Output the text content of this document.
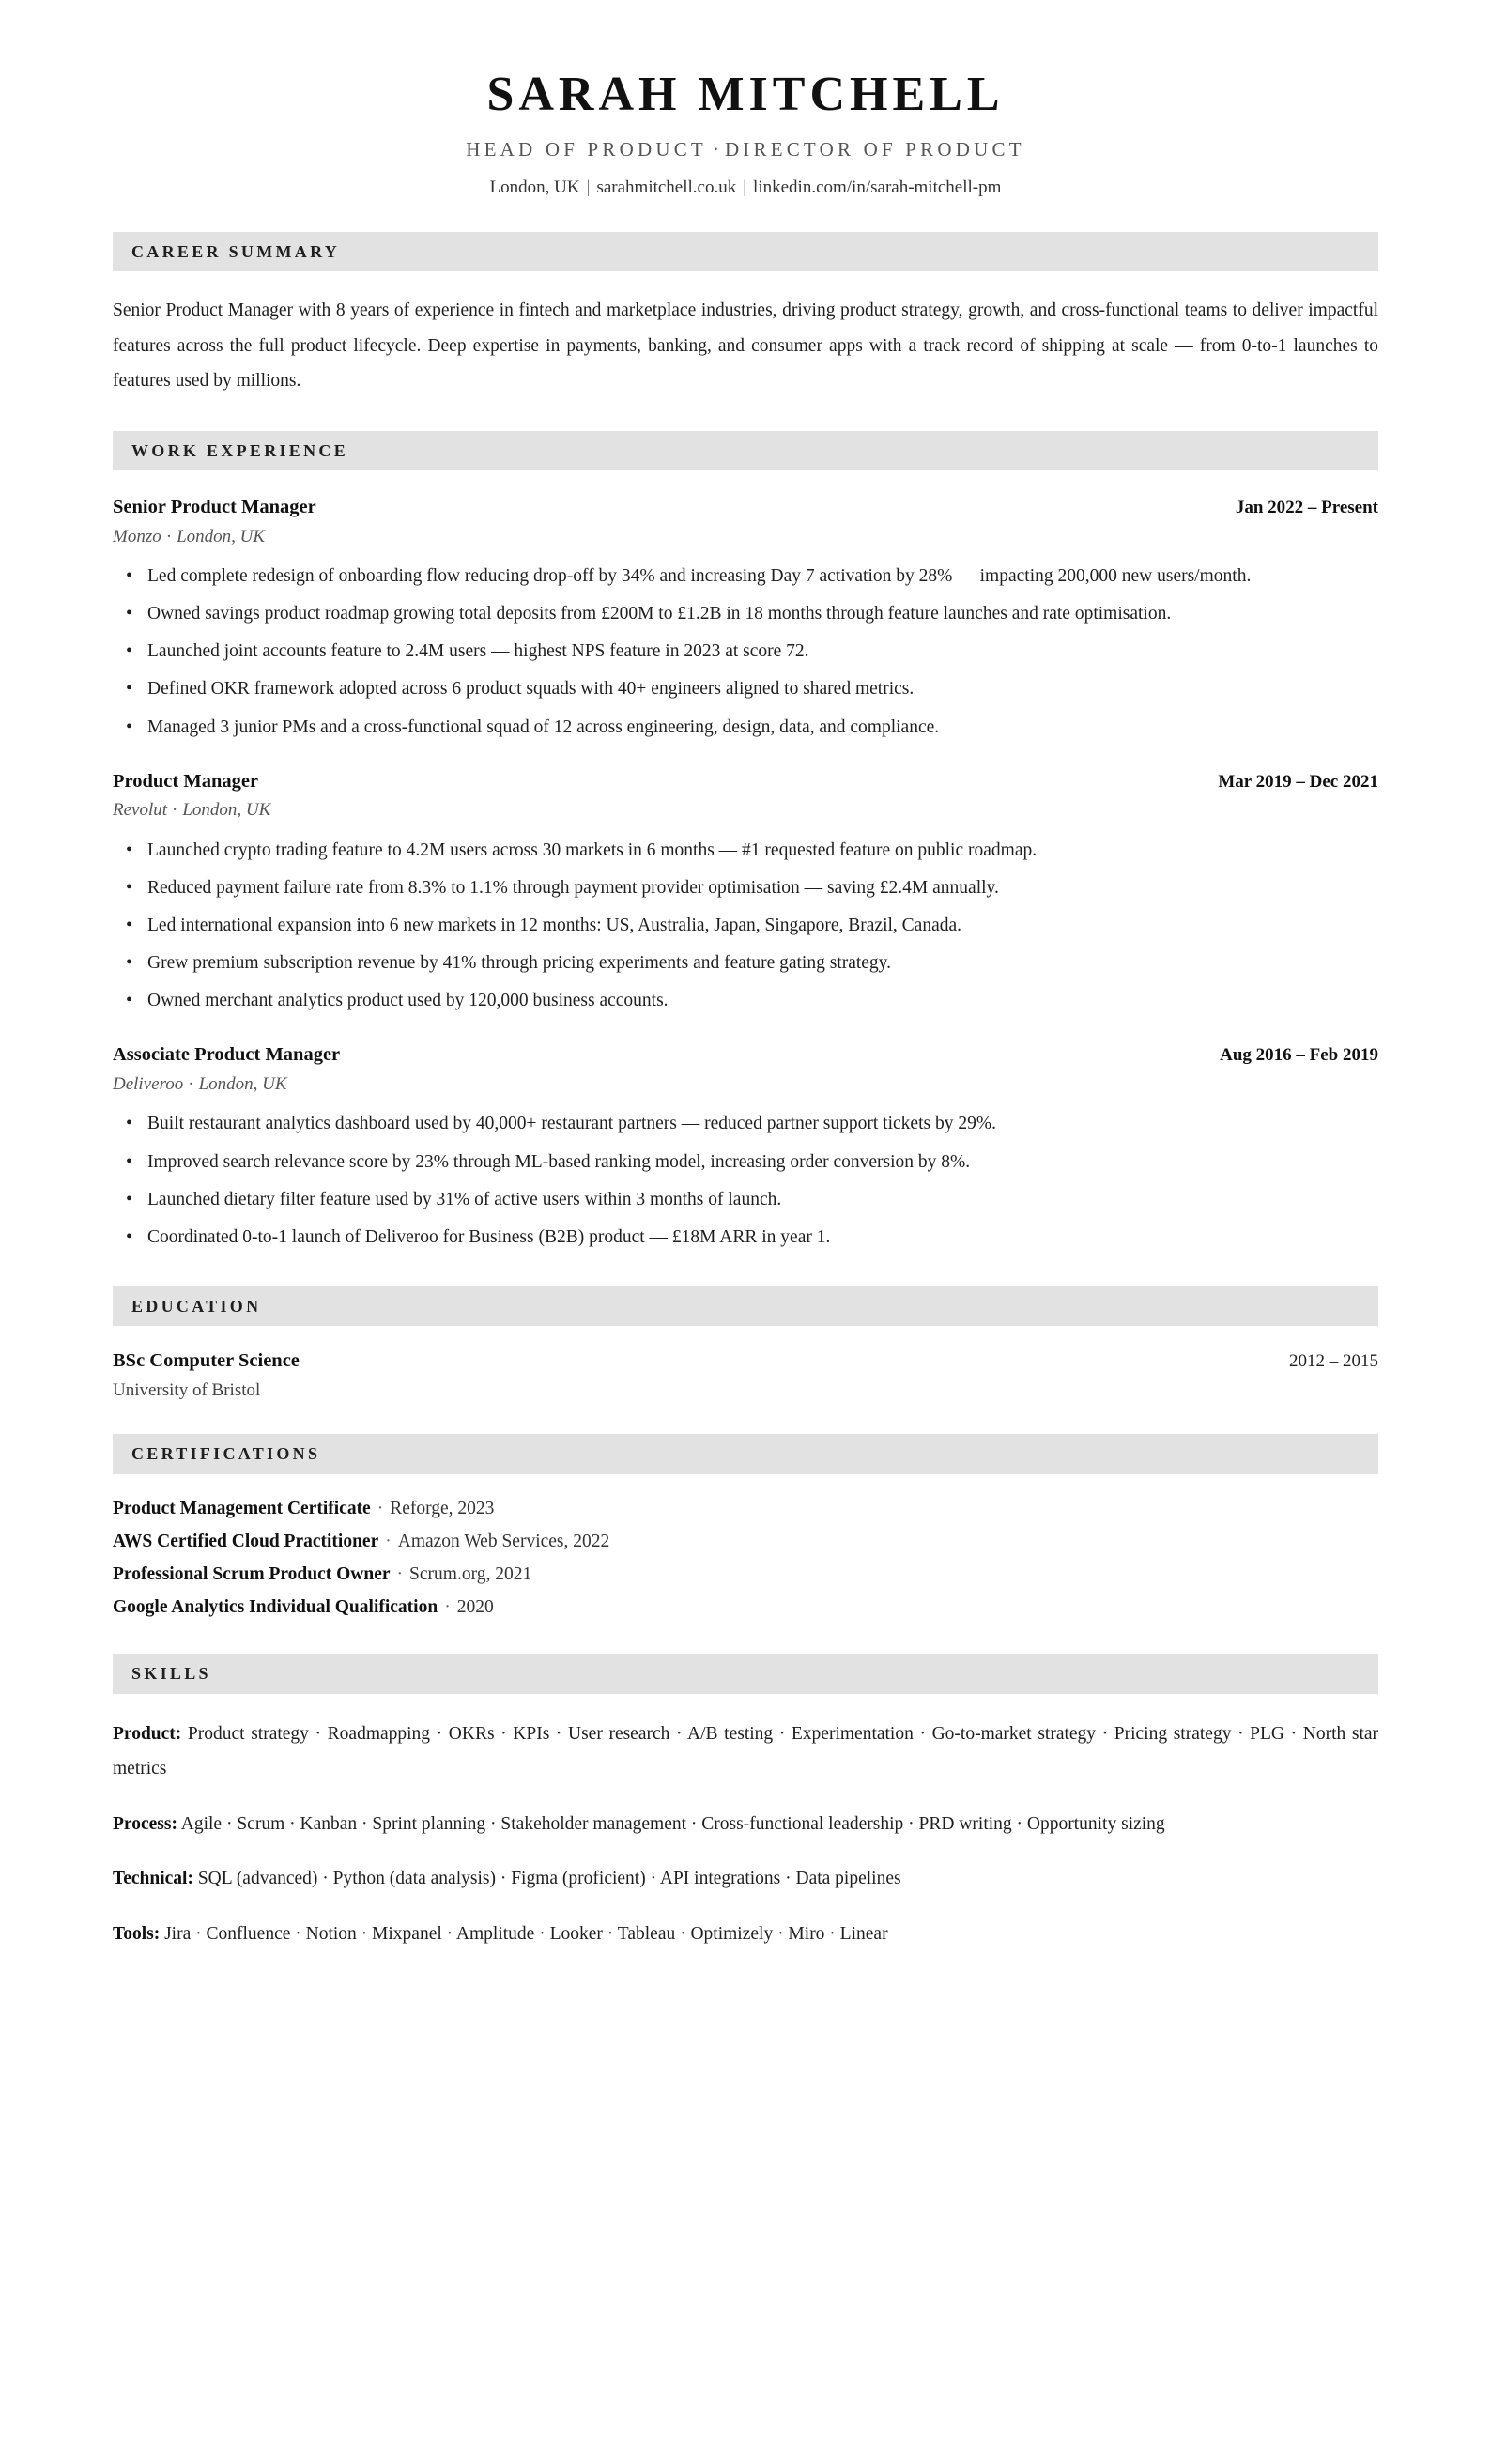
SARAH MITCHELL
HEAD OF PRODUCT · DIRECTOR OF PRODUCT
London, UK | sarahmitchell.co.uk | linkedin.com/in/sarah-mitchell-pm
CAREER SUMMARY

Senior Product Manager with 8 years of experience in fintech and marketplace industries, driving product strategy, growth, and cross-functional teams to deliver impactful features across the full product lifecycle. Deep expertise in payments, banking, and consumer apps with a track record of shipping at scale — from 0-to-1 launches to features used by millions.

WORK EXPERIENCE
Senior Product Manager	Jan 2022 – Present
Monzo · London, UK
• Led complete redesign of onboarding flow reducing drop-off by 34% and increasing Day 7 activation by 28% — impacting 200,000 new users/month.
• Owned savings product roadmap growing total deposits from £200M to £1.2B in 18 months through feature launches and rate optimisation.
• Launched joint accounts feature to 2.4M users — highest NPS feature in 2023 at score 72.
• Defined OKR framework adopted across 6 product squads with 40+ engineers aligned to shared metrics.
• Managed 3 junior PMs and a cross-functional squad of 12 across engineering, design, data, and compliance.
Product Manager	Mar 2019 – Dec 2021
Revolut · London, UK
• Launched crypto trading feature to 4.2M users across 30 markets in 6 months — #1 requested feature on public roadmap.
• Reduced payment failure rate from 8.3% to 1.1% through payment provider optimisation — saving £2.4M annually.
• Led international expansion into 6 new markets in 12 months: US, Australia, Japan, Singapore, Brazil, Canada.
• Grew premium subscription revenue by 41% through pricing experiments and feature gating strategy.
• Owned merchant analytics product used by 120,000 business accounts.
Associate Product Manager	Aug 2016 – Feb 2019
Deliveroo · London, UK
• Built restaurant analytics dashboard used by 40,000+ restaurant partners — reduced partner support tickets by 29%.
• Improved search relevance score by 23% through ML-based ranking model, increasing order conversion by 8%.
• Launched dietary filter feature used by 31% of active users within 3 months of launch.
• Coordinated 0-to-1 launch of Deliveroo for Business (B2B) product — £18M ARR in year 1.
EDUCATION
BSc Computer Science	2012 – 2015
University of Bristol
CERTIFICATIONS
Product Management Certificate · Reforge, 2023
AWS Certified Cloud Practitioner · Amazon Web Services, 2022
Professional Scrum Product Owner · Scrum.org, 2021
Google Analytics Individual Qualification · 2020
SKILLS

Product: Product strategy · Roadmapping · OKRs · KPIs · User research · A/B testing · Experimentation · Go-to-market strategy · Pricing strategy · PLG · North star metrics

Process: Agile · Scrum · Kanban · Sprint planning · Stakeholder management · Cross-functional leadership · PRD writing · Opportunity sizing

Technical: SQL (advanced) · Python (data analysis) · Figma (proficient) · API integrations · Data pipelines

Tools: Jira · Confluence · Notion · Mixpanel · Amplitude · Looker · Tableau · Optimizely · Miro · Linear
